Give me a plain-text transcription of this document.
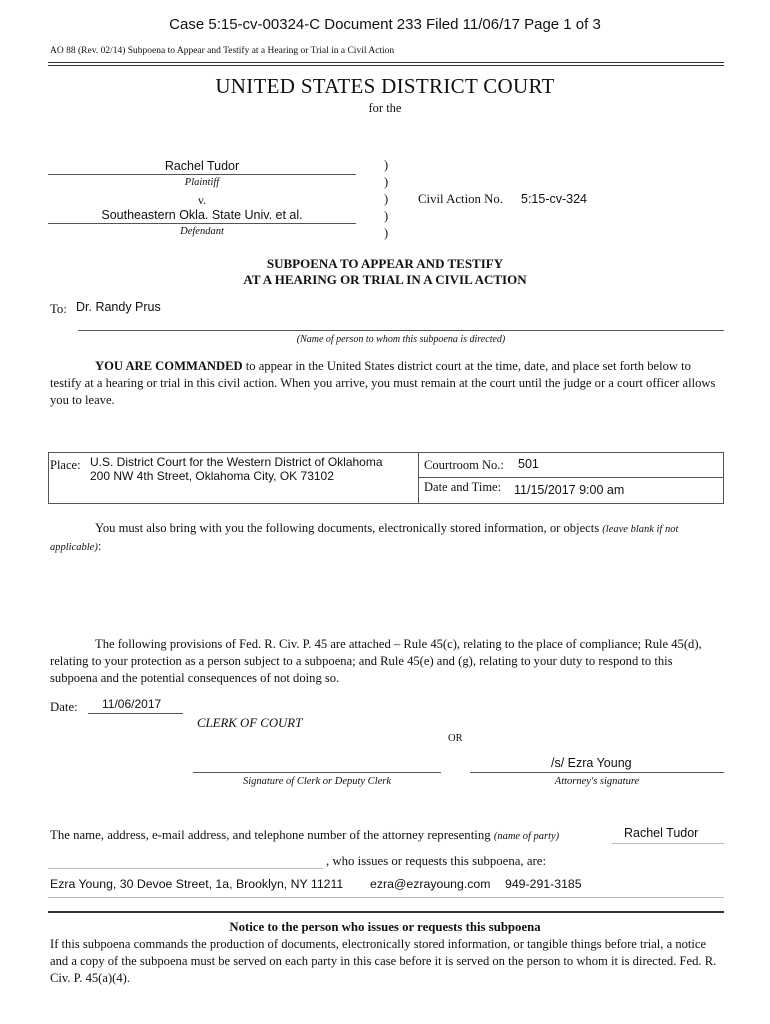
Case 5:15-cv-00324-C Document 233 Filed 11/06/17 Page 1 of 3
AO 88 (Rev. 02/14) Subpoena to Appear and Testify at a Hearing or Trial in a Civil Action
UNITED STATES DISTRICT COURT
for the
Rachel Tudor
Plaintiff
v.
Southeastern Okla. State Univ. et al.
Defendant
)
)
)
)
)
Civil Action No. 5:15-cv-324
SUBPOENA TO APPEAR AND TESTIFY
AT A HEARING OR TRIAL IN A CIVIL ACTION
To: Dr. Randy Prus
(Name of person to whom this subpoena is directed)
YOU ARE COMMANDED to appear in the United States district court at the time, date, and place set forth below to testify at a hearing or trial in this civil action. When you arrive, you must remain at the court until the judge or a court officer allows you to leave.
Place: U.S. District Court for the Western District of Oklahoma
200 NW 4th Street, Oklahoma City, OK 73102
Courtroom No.: 501
Date and Time: 11/15/2017 9:00 am
You must also bring with you the following documents, electronically stored information, or objects (leave blank if not applicable):
The following provisions of Fed. R. Civ. P. 45 are attached – Rule 45(c), relating to the place of compliance; Rule 45(d), relating to your protection as a person subject to a subpoena; and Rule 45(e) and (g), relating to your duty to respond to this subpoena and the potential consequences of not doing so.
Date: 11/06/2017
CLERK OF COURT
OR
/s/ Ezra Young
Signature of Clerk or Deputy Clerk	Attorney's signature
The name, address, e-mail address, and telephone number of the attorney representing (name of party)	Rachel Tudor
, who issues or requests this subpoena, are:
Ezra Young, 30 Devoe Street, 1a, Brooklyn, NY 11211 ezra@ezrayoung.com 949-291-3185
Notice to the person who issues or requests this subpoena
If this subpoena commands the production of documents, electronically stored information, or tangible things before trial, a notice and a copy of the subpoena must be served on each party in this case before it is served on the person to whom it is directed. Fed. R. Civ. P. 45(a)(4).
